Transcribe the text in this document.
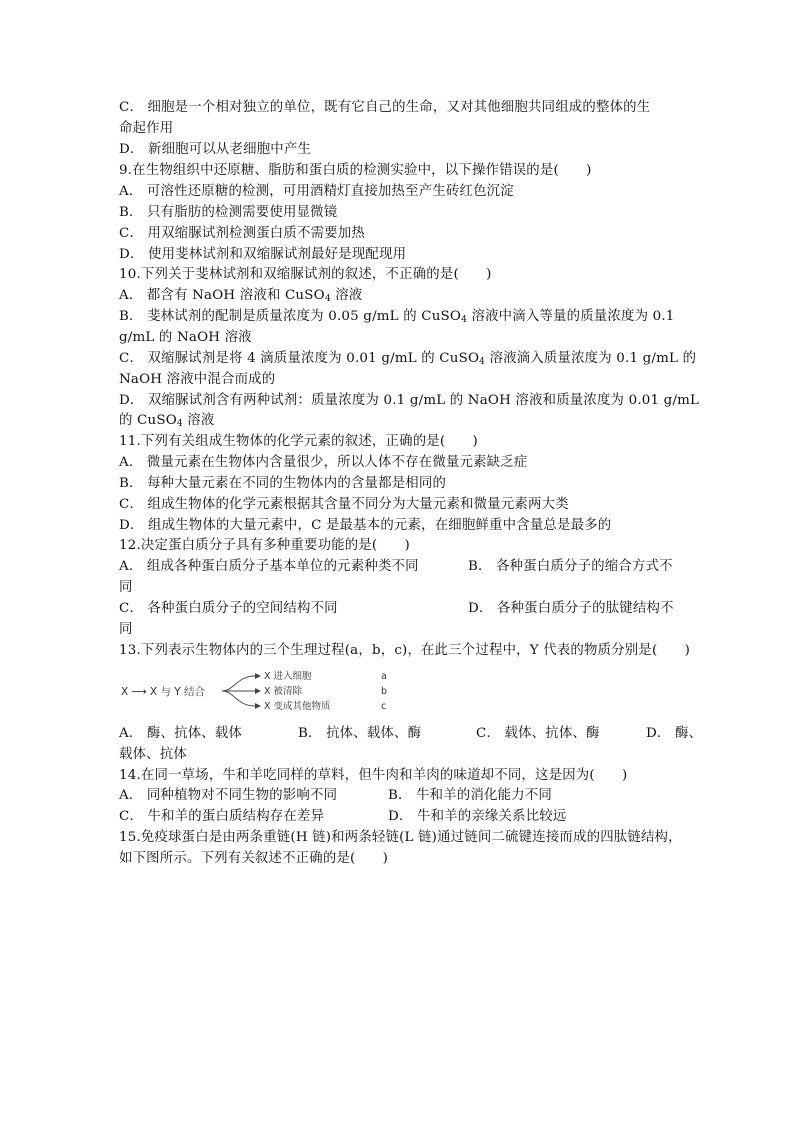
C． 细胞是一个相对独立的单位，既有它自己的生命，又对其他细胞共同组成的整体的生
命起作用
D． 新细胞可以从老细胞中产生
9.在生物组织中还原糖、脂肪和蛋白质的检测实验中，以下操作错误的是(　　)
A． 可溶性还原糖的检测，可用酒精灯直接加热至产生砖红色沉淀
B． 只有脂肪的检测需要使用显微镜
C． 用双缩脲试剂检测蛋白质不需要加热
D． 使用斐林试剂和双缩脲试剂最好是现配现用
10.下列关于斐林试剂和双缩脲试剂的叙述，不正确的是(　　)
A． 都含有 NaOH 溶液和 CuSO$_4$ 溶液
B． 斐林试剂的配制是质量浓度为 0.05 g/mL 的 CuSO$_4$ 溶液中滴入等量的质量浓度为 0.1
g/mL 的 NaOH 溶液
C． 双缩脲试剂是将 4 滴质量浓度为 0.01 g/mL 的 CuSO$_4$ 溶液滴入质量浓度为 0.1 g/mL 的
NaOH 溶液中混合而成的
D． 双缩脲试剂含有两种试剂：质量浓度为 0.1 g/mL 的 NaOH 溶液和质量浓度为 0.01 g/mL
的 CuSO$_4$ 溶液
11.下列有关组成生物体的化学元素的叙述，正确的是(　　)
A． 微量元素在生物体内含量很少，所以人体不存在微量元素缺乏症
B． 每种大量元素在不同的生物体内的含量都是相同的
C． 组成生物体的化学元素根据其含量不同分为大量元素和微量元素两大类
D． 组成生物体的大量元素中，C 是最基本的元素，在细胞鲜重中含量总是最多的
12.决定蛋白质分子具有多种重要功能的是(　　)
A． 组成各种蛋白质分子基本单位的元素种类不同	B． 各种蛋白质分子的缩合方式不
同
C． 各种蛋白质分子的空间结构不同	D． 各种蛋白质分子的肽键结构不
同
13.下列表示生物体内的三个生理过程(a，b，c)，在此三个过程中，Y 代表的物质分别是(　　)
X ⟶ X 与 Y 结合
X 进入细胞
X 被清除
X 变成其他物质
a
b
c
A． 酶、抗体、载体	B． 抗体、载体、酶	C． 载体、抗体、酶	D． 酶、
载体、抗体
14.在同一草场，牛和羊吃同样的草料，但牛肉和羊肉的味道却不同，这是因为(　　)
A． 同种植物对不同生物的影响不同	B． 牛和羊的消化能力不同
C． 牛和羊的蛋白质结构存在差异	D． 牛和羊的亲缘关系比较远
15.免疫球蛋白是由两条重链(H 链)和两条轻链(L 链)通过链间二硫键连接而成的四肽链结构，
如下图所示。下列有关叙述不正确的是(　　)
